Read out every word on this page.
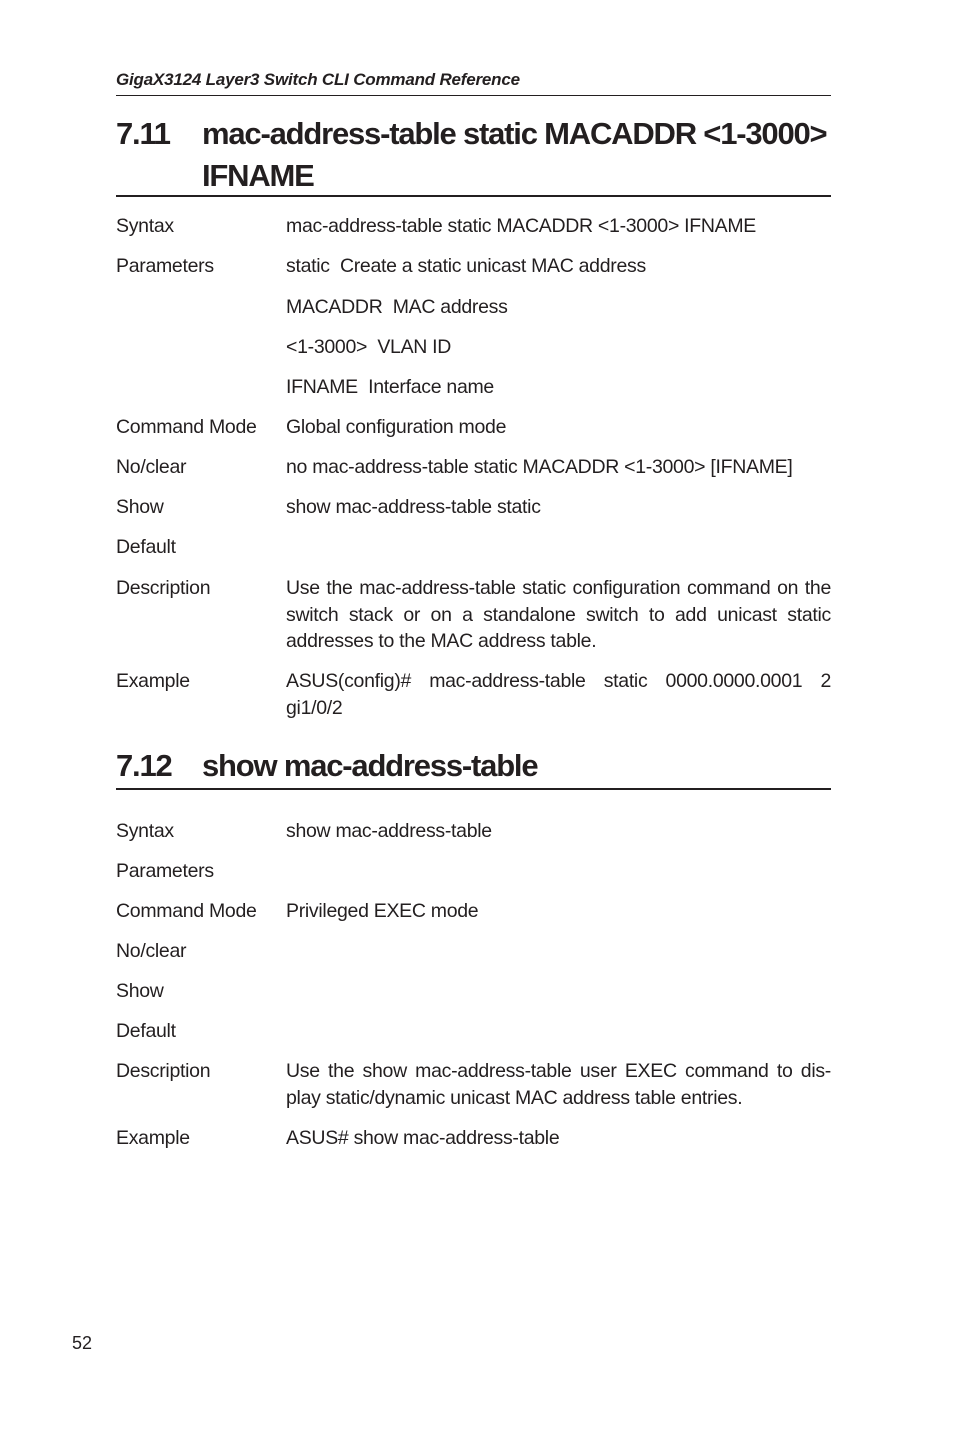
GigaX3124 Layer3 Switch CLI Command Reference
7.11 mac-address-table static MACADDR <1-3000> IFNAME
Syntax	mac-address-table static MACADDR <1-3000> IFNAME
Parameters	static  Create a static unicast MAC address
MACADDR  MAC address
<1-3000>  VLAN ID
IFNAME  Interface name
Command Mode	Global configuration mode
No/clear	no mac-address-table static MACADDR <1-3000> [IFNAME]
Show	show mac-address-table static
Default
Description	Use the mac-address-table static configuration command on the switch stack or on a standalone switch to add unicast static addresses to the MAC address table.
Example	ASUS(config)# mac-address-table static 0000.0000.0001 2 gi1/0/2
7.12 show mac-address-table
Syntax	show mac-address-table
Parameters
Command Mode	Privileged EXEC mode
No/clear
Show
Default
Description	Use the show mac-address-table user EXEC command to dis-play static/dynamic unicast MAC address table entries.
Example	ASUS# show mac-address-table
52
